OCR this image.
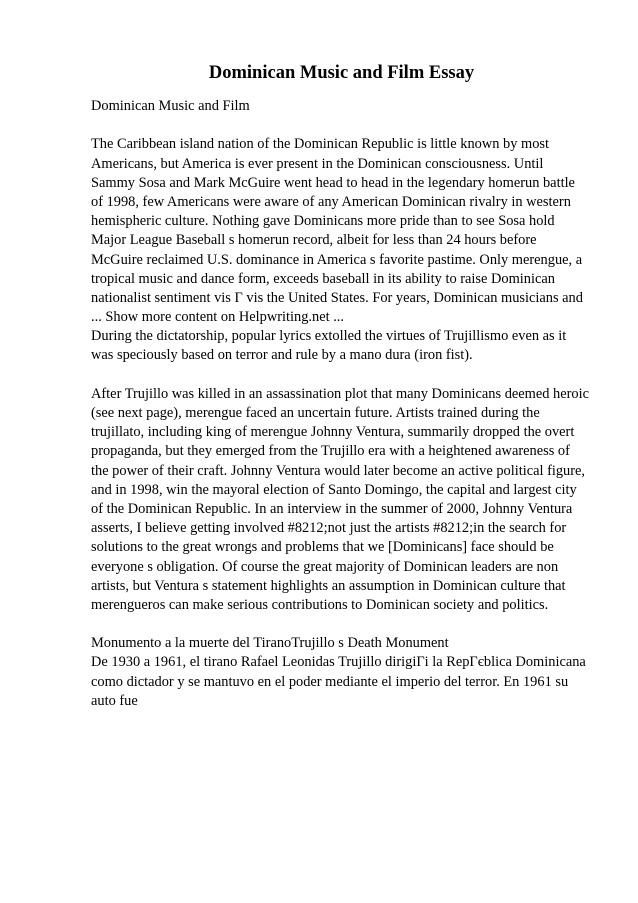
Dominican Music and Film Essay
Dominican Music and Film
The Caribbean island nation of the Dominican Republic is little known by most
Americans, but America is ever present in the Dominican consciousness. Until
Sammy Sosa and Mark McGuire went head to head in the legendary homerun battle
of 1998, few Americans were aware of any American Dominican rivalry in western
hemispheric culture. Nothing gave Dominicans more pride than to see Sosa hold
Major League Baseball s homerun record, albeit for less than 24 hours before
McGuire reclaimed U.S. dominance in America s favorite pastime. Only merengue, a
tropical music and dance form, exceeds baseball in its ability to raise Dominican
nationalist sentiment vis Г vis the United States. For years, Dominican musicians and
... Show more content on Helpwriting.net ...
During the dictatorship, popular lyrics extolled the virtues of Trujillismo even as it
was speciously based on terror and rule by a mano dura (iron fist).
After Trujillo was killed in an assassination plot that many Dominicans deemed heroic
(see next page), merengue faced an uncertain future. Artists trained during the
trujillato, including king of merengue Johnny Ventura, summarily dropped the overt
propaganda, but they emerged from the Trujillo era with a heightened awareness of
the power of their craft. Johnny Ventura would later become an active political figure,
and in 1998, win the mayoral election of Santo Domingo, the capital and largest city
of the Dominican Republic. In an interview in the summer of 2000, Johnny Ventura
asserts, I believe getting involved #8212;not just the artists #8212;in the search for
solutions to the great wrongs and problems that we [Dominicans] face should be
everyone s obligation. Of course the great majority of Dominican leaders are non
artists, but Ventura s statement highlights an assumption in Dominican culture that
merengueros can make serious contributions to Dominican society and politics.
Monumento a la muerte del TiranoTrujillo s Death Monument
De 1930 a 1961, el tirano Rafael Leonidas Trujillo dirigiГі la RepГєblica Dominicana
como dictador y se mantuvo en el poder mediante el imperio del terror. En 1961 su
auto fue
